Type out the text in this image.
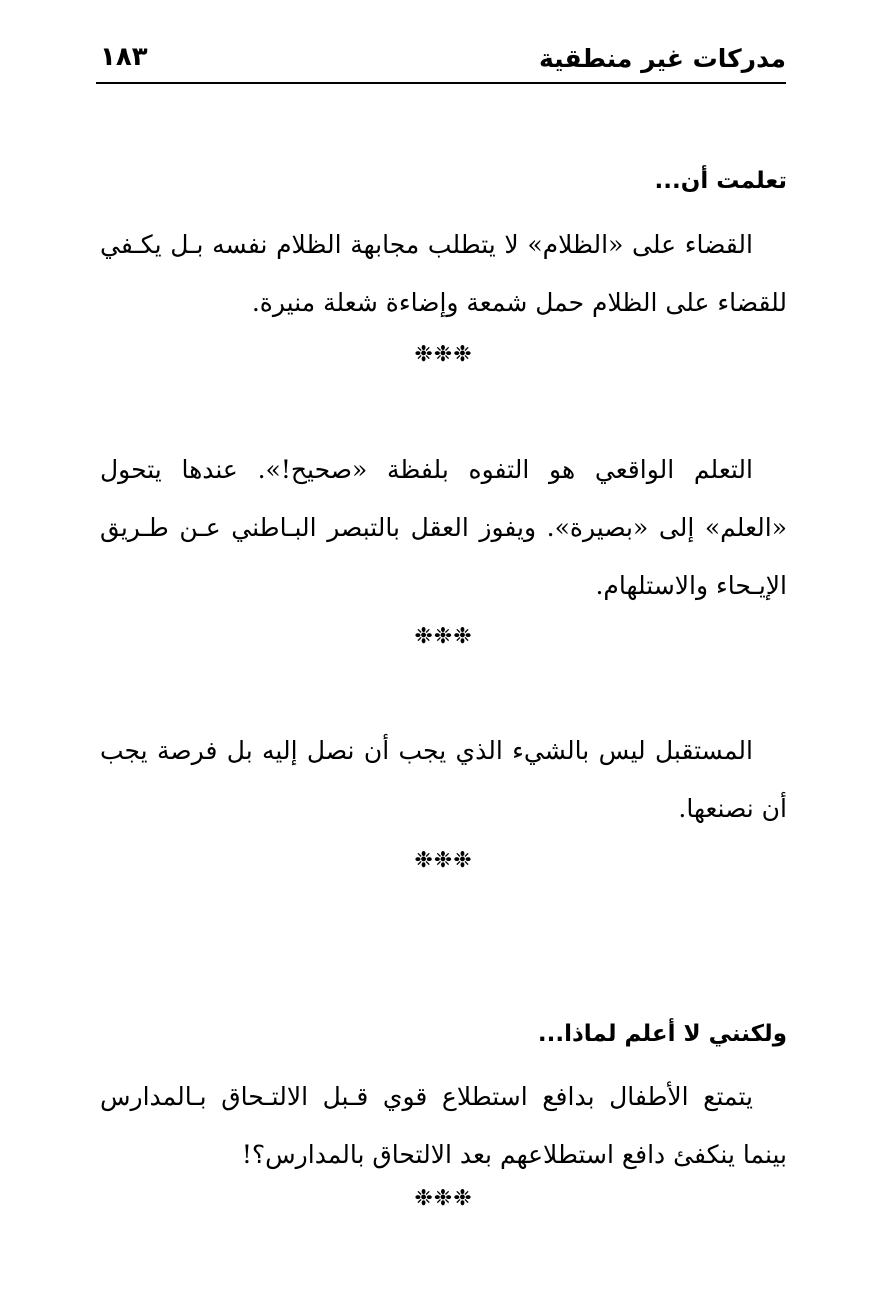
مدركات غير منطقية
١٨٣
تعلمت أن...

القضاء على «الظلام» لا يتطلب مجابهة الظلام نفسه بـل يكـفي للقضاء على الظلام حمل شمعة وإضاءة شعلة منيرة.

❉❉❉

التعلم الواقعي هو التفوه بلفظة «صحيح!». عندها يتحول «العلم» إلى «بصيرة». ويفوز العقل بالتبصر البـاطني عـن طـريق الإيـحاء والاستلهام.

❉❉❉

المستقبل ليس بالشيء الذي يجب أن نصل إليه بل فرصة يجب أن نصنعها.

❉❉❉
ولكنني لا أعلم لماذا...

يتمتع الأطفال بدافع استطلاع قوي قـبل الالتـحاق بـالمدارس بينما ينكفئ دافع استطلاعهم بعد الالتحاق بالمدارس؟!

❉❉❉
